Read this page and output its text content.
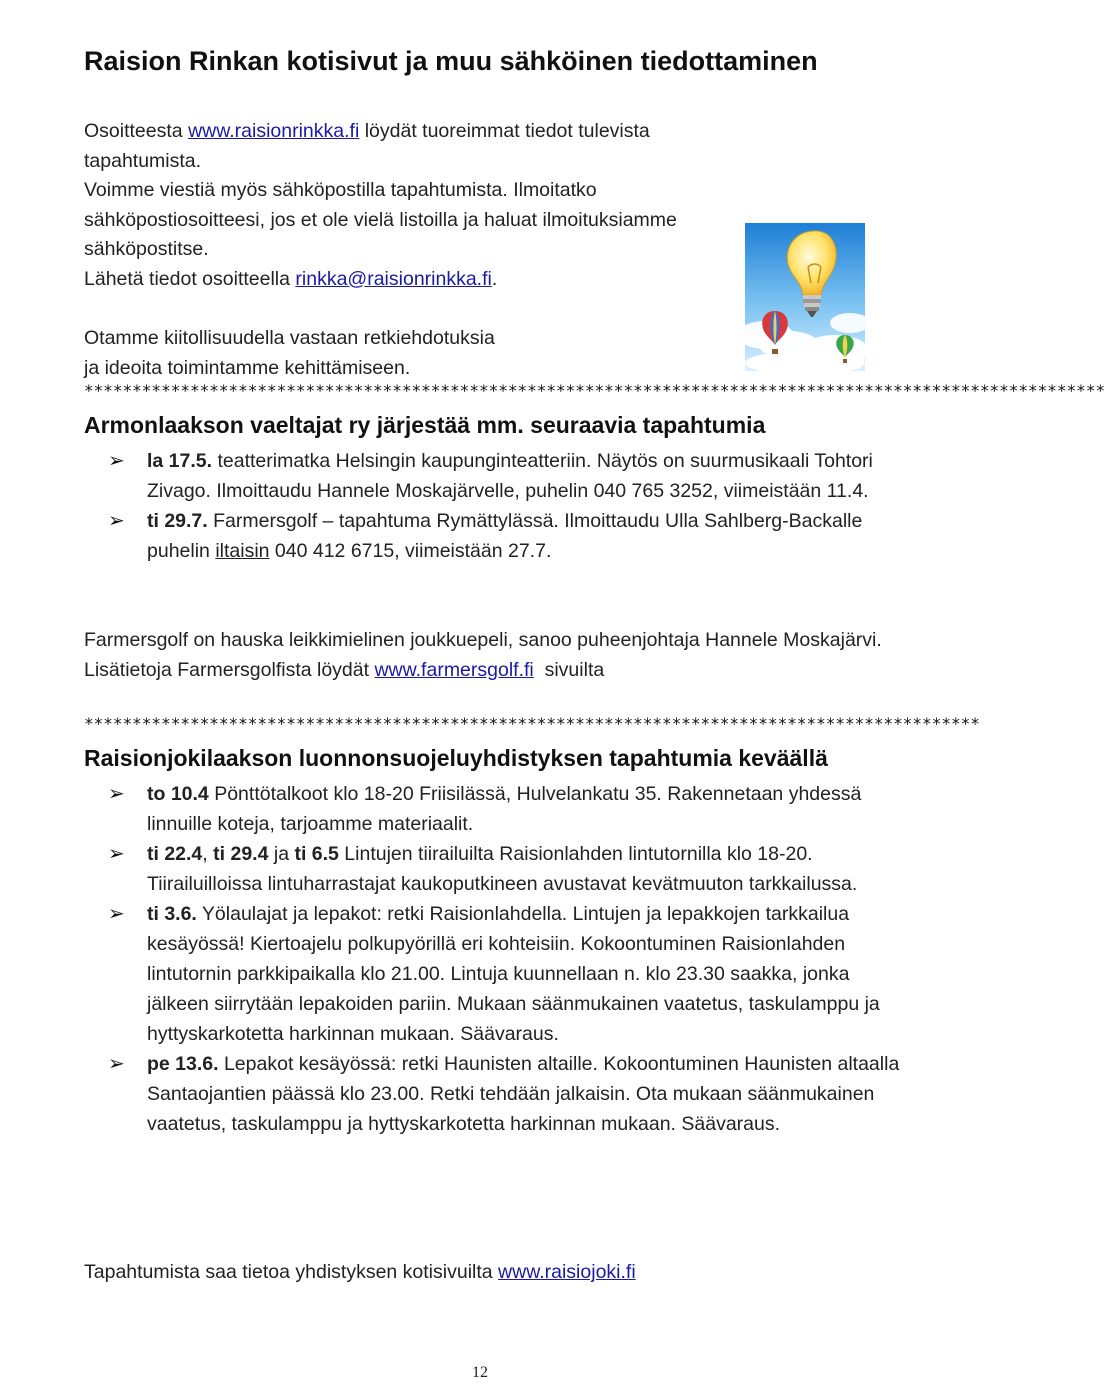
Raision Rinkan kotisivut ja muu sähköinen tiedottaminen

Osoitteesta www.raisionrinkka.fi löydät tuoreimmat tiedot tulevista tapahtumista.

Voimme viestiä myös sähköpostilla tapahtumista. Ilmoitatko sähköpostiosoitteesi, jos et ole vielä listoilla ja haluat ilmoituksiamme sähköpostitse.

Lähetä tiedot osoitteella rinkka@raisionrinkka.fi.

Otamme kiitollisuudella vastaan retkiehdotuksia

ja ideoita toimintamme kehittämiseen.

**********************************************************************************************************
Armonlaakson vaeltajat ry järjestää mm. seuraavia tapahtumia
➢ la 17.5. teatterimatka Helsingin kaupunginteatteriin. Näytös on suurmusikaali Tohtori Zivago. Ilmoittaudu Hannele Moskajärvelle, puhelin 040 765 3252, viimeistään 11.4.
➢ ti 29.7. Farmersgolf – tapahtuma Rymättylässä. Ilmoittaudu Ulla Sahlberg-Backalle puhelin iltaisin 040 412 6715, viimeistään 27.7.

Farmersgolf on hauska leikkimielinen joukkuepeli, sanoo puheenjohtaja Hannele Moskajärvi. Lisätietoja Farmersgolfista löydät www.farmersgolf.fi  sivuilta

*********************************************************************************************
Raisionjokilaakson luonnonsuojeluyhdistyksen tapahtumia keväällä
➢ to 10.4 Pönttötalkoot klo 18-20 Friisilässä, Hulvelankatu 35. Rakennetaan yhdessä linnuille koteja, tarjoamme materiaalit.
➢ ti 22.4, ti 29.4 ja ti 6.5 Lintujen tiirailuilta Raisionlahden lintutornilla klo 18-20. Tiirailuilloissa lintuharrastajat kaukoputkineen avustavat kevätmuuton tarkkailussa.
➢ ti 3.6. Yölaulajat ja lepakot: retki Raisionlahdella. Lintujen ja lepakkojen tarkkailua kesäyössä! Kiertoajelu polkupyörillä eri kohteisiin. Kokoontuminen Raisionlahden lintutornin parkkipaikalla klo 21.00. Lintuja kuunnellaan n. klo 23.30 saakka, jonka jälkeen siirrytään lepakoiden pariin. Mukaan säänmukainen vaatetus, taskulamppu ja hyttyskarkotetta harkinnan mukaan. Säävaraus.
➢ pe 13.6. Lepakot kesäyössä: retki Haunisten altaille. Kokoontuminen Haunisten altaalla Santaojantien päässä klo 23.00. Retki tehdään jalkaisin. Ota mukaan säänmukainen vaatetus, taskulamppu ja hyttyskarkotetta harkinnan mukaan. Säävaraus.

Tapahtumista saa tietoa yhdistyksen kotisivuilta www.raisiojoki.fi

12
